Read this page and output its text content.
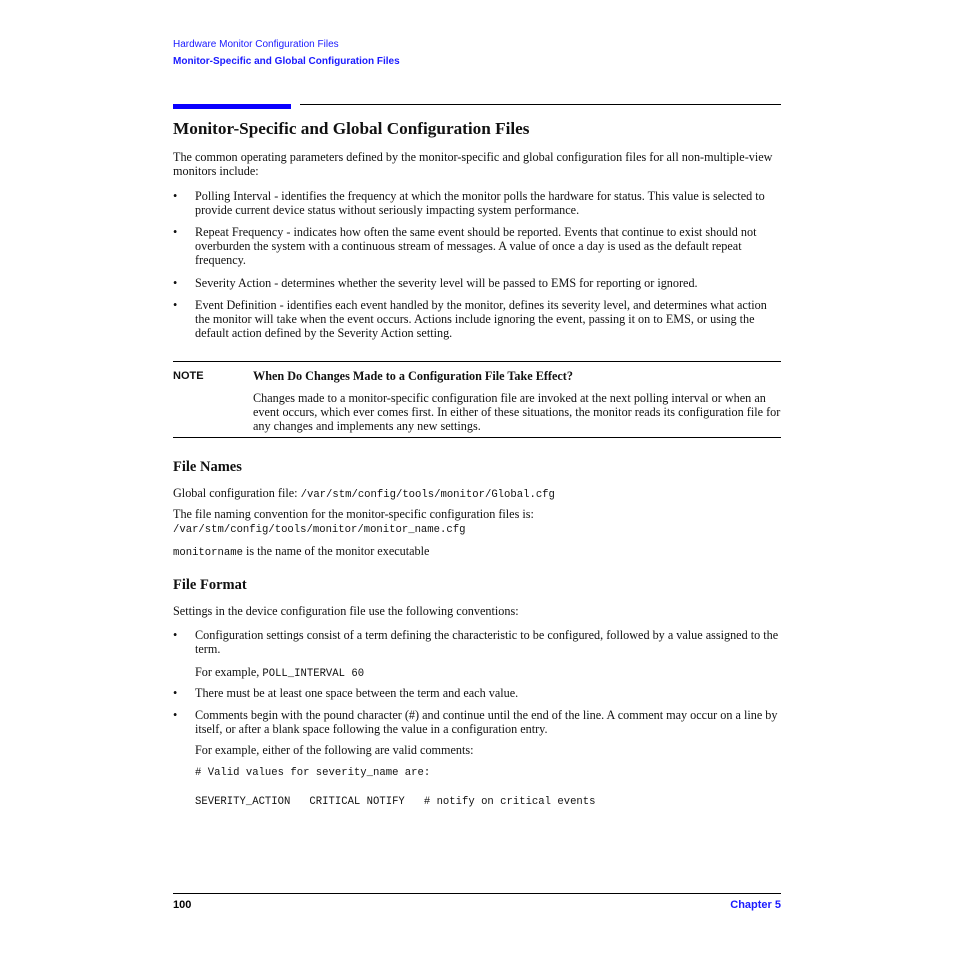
Hardware Monitor Configuration Files
Monitor-Specific and Global Configuration Files
Monitor-Specific and Global Configuration Files
The common operating parameters defined by the monitor-specific and global configuration files for all non-multiple-view monitors include:
• Polling Interval - identifies the frequency at which the monitor polls the hardware for status. This value is selected to provide current device status without seriously impacting system performance.
• Repeat Frequency - indicates how often the same event should be reported. Events that continue to exist should not overburden the system with a continuous stream of messages. A value of once a day is used as the default repeat frequency.
• Severity Action - determines whether the severity level will be passed to EMS for reporting or ignored.
• Event Definition - identifies each event handled by the monitor, defines its severity level, and determines what action the monitor will take when the event occurs. Actions include ignoring the event, passing it on to EMS, or using the default action defined by the Severity Action setting.
NOTE	When Do Changes Made to a Configuration File Take Effect?
Changes made to a monitor-specific configuration file are invoked at the next polling interval or when an event occurs, which ever comes first. In either of these situations, the monitor reads its configuration file for any changes and implements any new settings.
File Names
Global configuration file: /var/stm/config/tools/monitor/Global.cfg
The file naming convention for the monitor-specific configuration files is:
/var/stm/config/tools/monitor/monitor_name.cfg
monitorname is the name of the monitor executable
File Format
Settings in the device configuration file use the following conventions:
• Configuration settings consist of a term defining the characteristic to be configured, followed by a value assigned to the term.
For example, POLL_INTERVAL 60
• There must be at least one space between the term and each value.
• Comments begin with the pound character (#) and continue until the end of the line. A comment may occur on a line by itself, or after a blank space following the value in a configuration entry.
For example, either of the following are valid comments:
# Valid values for severity_name are:
SEVERITY_ACTION   CRITICAL NOTIFY   # notify on critical events
100	Chapter 5
